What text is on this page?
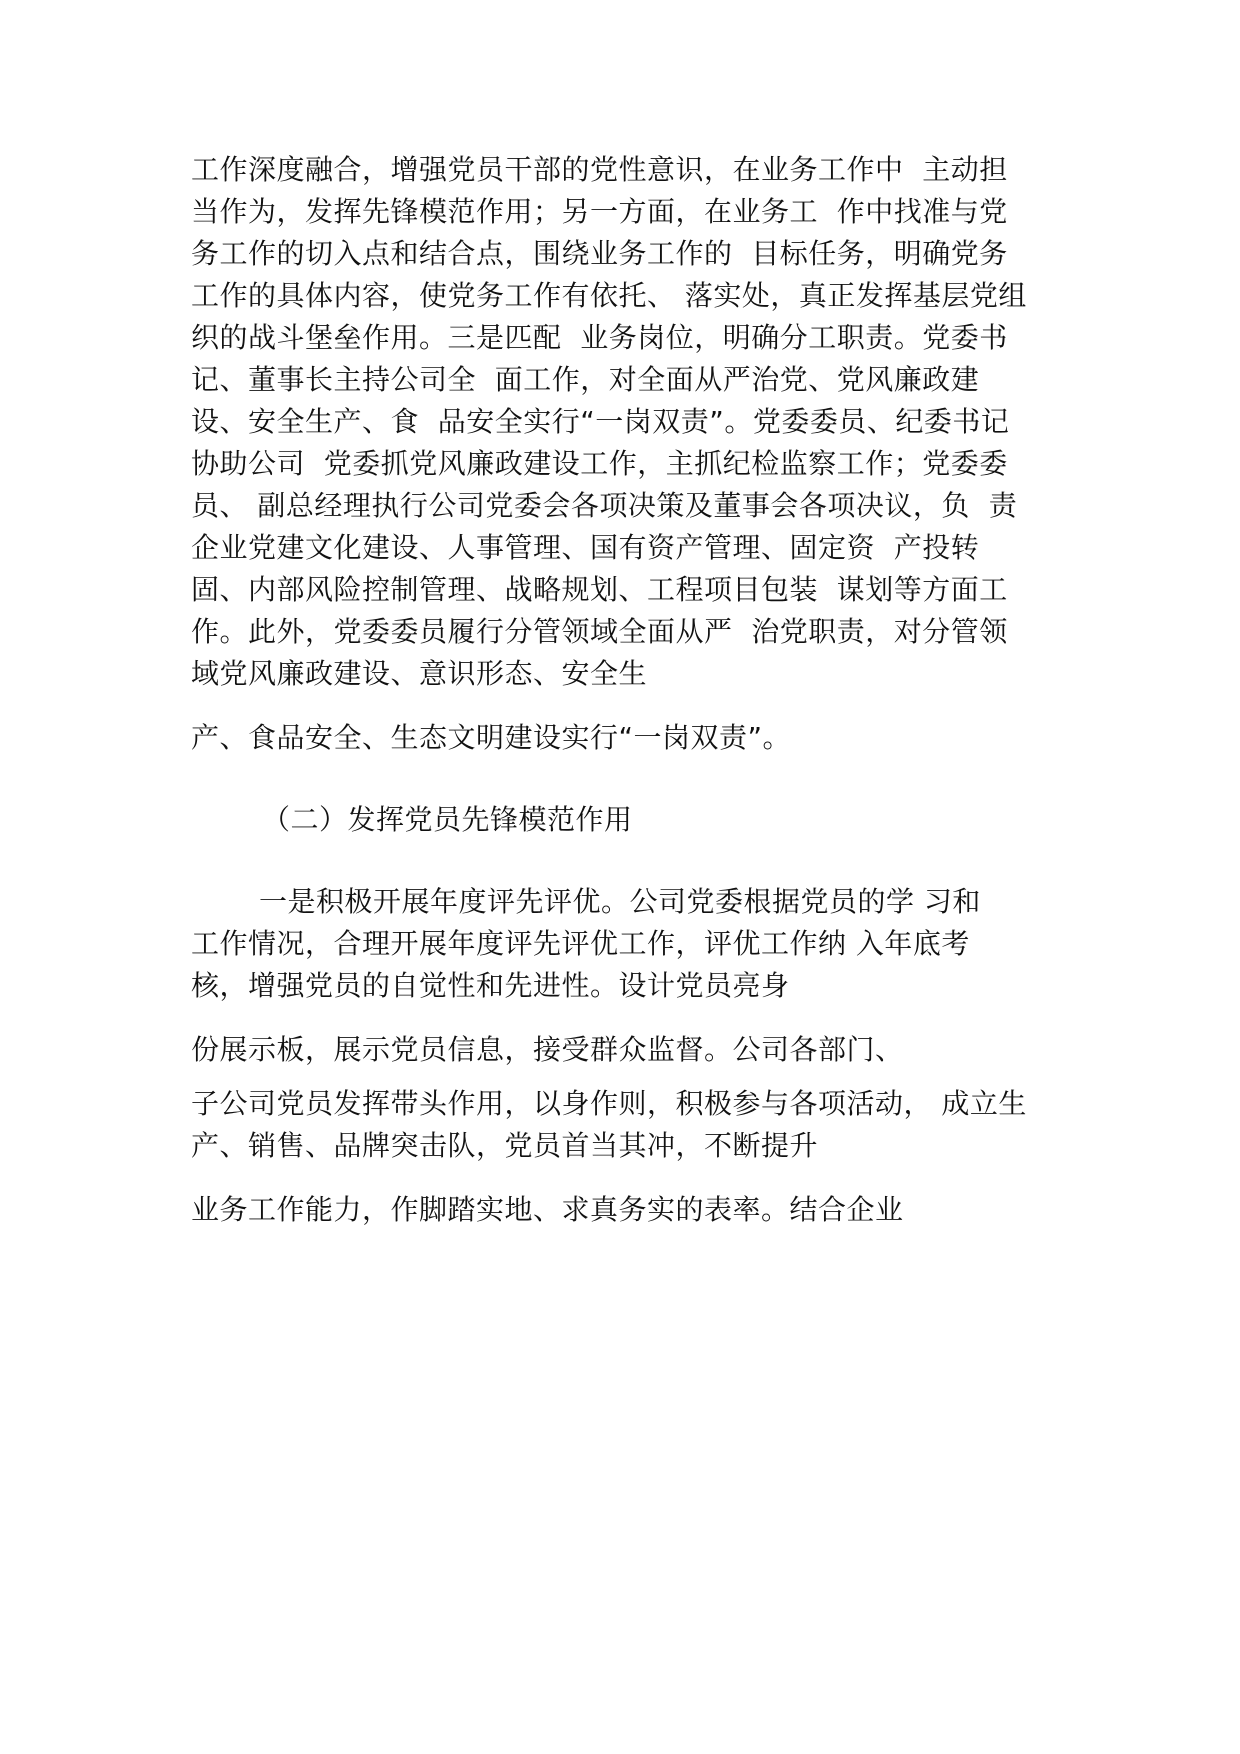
工作深度融合，增强党员干部的党性意识，在业务工作中  主动担
当作为，发挥先锋模范作用；另一方面，在业务工  作中找准与党
务工作的切入点和结合点，围绕业务工作的  目标任务，明确党务
工作的具体内容，使党务工作有依托、 落实处，真正发挥基层党组
织的战斗堡垒作用。三是匹配  业务岗位，明确分工职责。党委书
记、董事长主持公司全  面工作，对全面从严治党、党风廉政建
设、安全生产、食  品安全实行“一岗双责”。党委委员、纪委书记
协助公司  党委抓党风廉政建设工作，主抓纪检监察工作；党委委
员、 副总经理执行公司党委会各项决策及董事会各项决议，负  责
企业党建文化建设、人事管理、国有资产管理、固定资  产投转
固、内部风险控制管理、战略规划、工程项目包装  谋划等方面工
作。此外，党委委员履行分管领域全面从严  治党职责，对分管领
域党风廉政建设、意识形态、安全生
产、食品安全、生态文明建设实行“一岗双责”。
（二）发挥党员先锋模范作用
一是积极开展年度评先评优。公司党委根据党员的学 习和
工作情况，合理开展年度评先评优工作，评优工作纳 入年底考
核，增强党员的自觉性和先进性。设计党员亮身
份展示板，展示党员信息，接受群众监督。公司各部门、
子公司党员发挥带头作用，以身作则，积极参与各项活动， 成立生
产、销售、品牌突击队，党员首当其冲，不断提升
业务工作能力，作脚踏实地、求真务实的表率。结合企业
